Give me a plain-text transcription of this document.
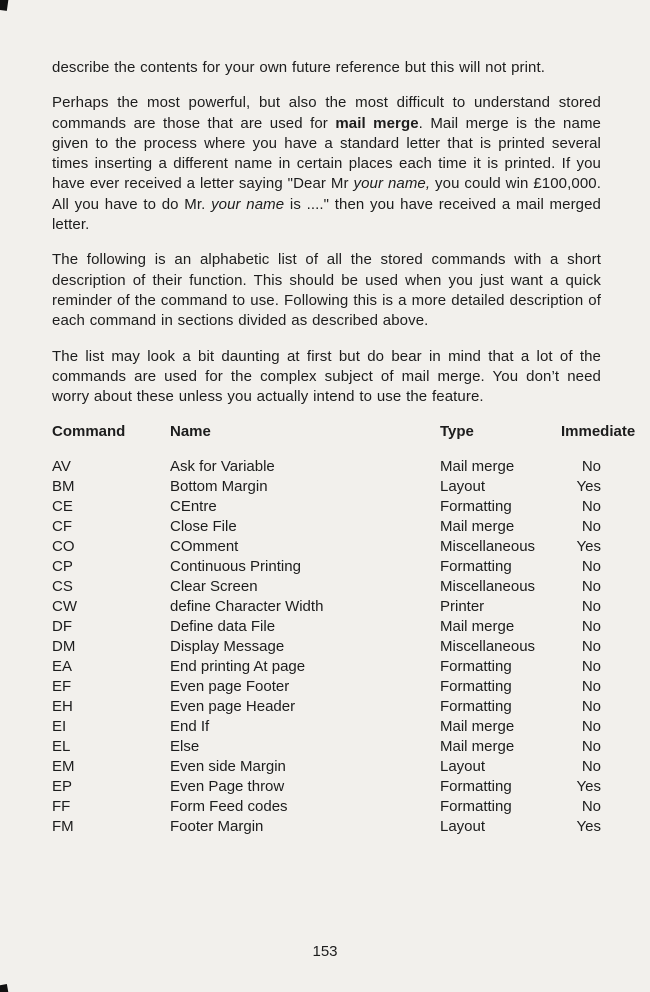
describe the contents for your own future reference but this will not print.

Perhaps the most powerful, but also the most difficult to understand stored commands are those that are used for mail merge. Mail merge is the name given to the process where you have a standard letter that is printed several times inserting a different name in certain places each time it is printed. If you have ever received a letter saying "Dear Mr your name, you could win £100,000. All you have to do Mr. your name is ...." then you have received a mail merged letter.

The following is an alphabetic list of all the stored commands with a short description of their function. This should be used when you just want a quick reminder of the command to use. Following this is a more detailed description of each command in sections divided as described above.

The list may look a bit daunting at first but do bear in mind that a lot of the commands are used for the complex subject of mail merge. You don’t need worry about these unless you actually intend to use the feature.

Command	Name	Type	Immediate
AV	Ask for Variable	Mail merge	No
BM	Bottom Margin	Layout	Yes
CE	CEntre	Formatting	No
CF	Close File	Mail merge	No
CO	COmment	Miscellaneous	Yes
CP	Continuous Printing	Formatting	No
CS	Clear Screen	Miscellaneous	No
CW	define Character Width	Printer	No
DF	Define data File	Mail merge	No
DM	Display Message	Miscellaneous	No
EA	End printing At page	Formatting	No
EF	Even page Footer	Formatting	No
EH	Even page Header	Formatting	No
EI	End If	Mail merge	No
EL	Else	Mail merge	No
EM	Even side Margin	Layout	No
EP	Even Page throw	Formatting	Yes
FF	Form Feed codes	Formatting	No
FM	Footer Margin	Layout	Yes
153
